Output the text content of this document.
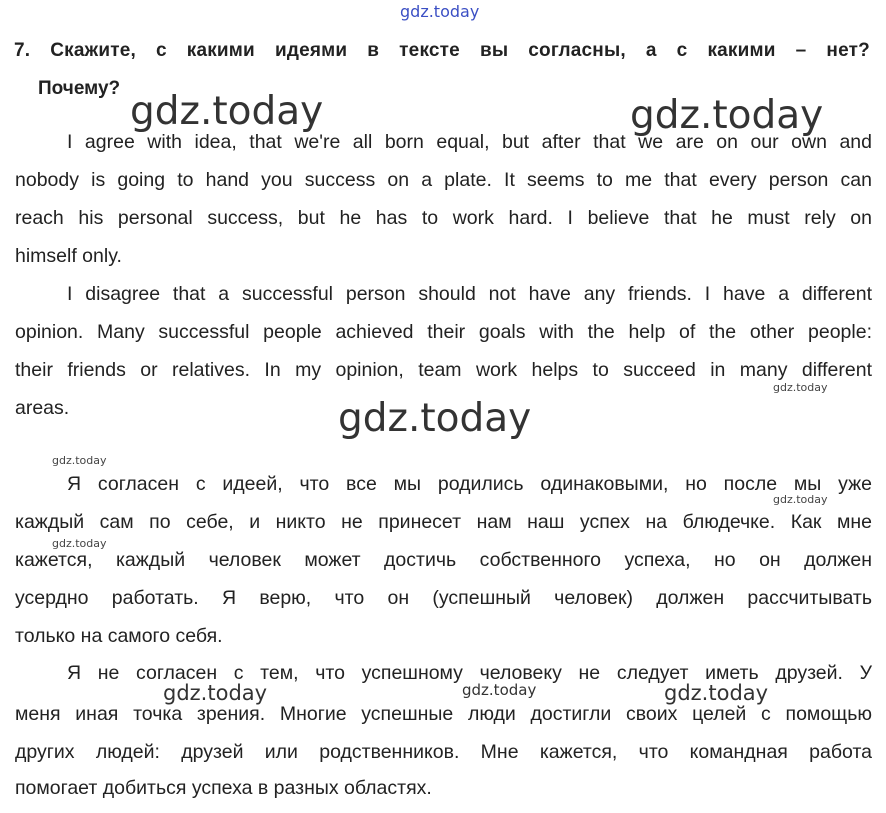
7. Скажите, с какими идеями в тексте вы согласны, а с какими – нет?
Почему?
I agree with idea, that we're all born equal, but after that we are on our own and
nobody is going to hand you success on a plate. It seems to me that every person can
reach his personal success, but he has to work hard. I believe that he must rely on
himself only.
I disagree that a successful person should not have any friends. I have a different
opinion. Many successful people achieved their goals with the help of the other people:
their friends or relatives. In my opinion, team work helps to succeed in many different
areas.
Я согласен с идеей, что все мы родились одинаковыми, но после мы уже
каждый сам по себе, и никто не принесет нам наш успех на блюдечке. Как мне
кажется, каждый человек может достичь собственного успеха, но он должен
усердно работать. Я верю, что он (успешный человек) должен рассчитывать
только на самого себя.
Я не согласен с тем, что успешному человеку не следует иметь друзей. У
меня иная точка зрения. Многие успешные люди достигли своих целей с помощью
других людей: друзей или родственников. Мне кажется, что командная работа
помогает добиться успеха в разных областях.
gdz.today
gdz.today	gdz.today
gdz.today
gdz.today
gdz.today
gdz.today
gdz.today
gdz.today	gdz.today	gdz.today
